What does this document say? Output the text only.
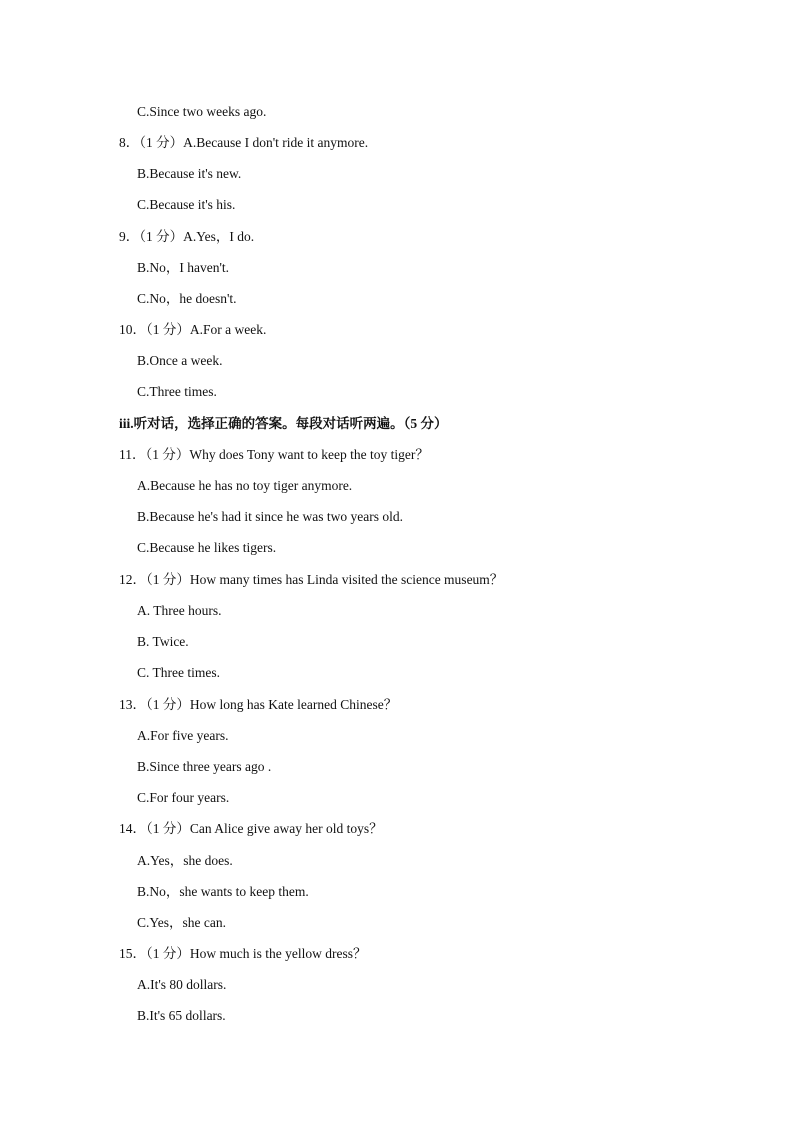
C.Since two weeks ago.
8．（1 分）A.Because I don't ride it anymore.
B.Because it's new.
C.Because it's his.
9．（1 分）A.Yes，I do.
B.No，I haven't.
C.No，he doesn't.
10．（1 分）A.For a week.
B.Once a week.
C.Three times.
iii.听对话，选择正确的答案。每段对话听两遍。（5 分）
11．（1 分）Why does Tony want to keep the toy tiger？
A.Because he has no toy tiger anymore.
B.Because he's had it since he was two years old.
C.Because he likes tigers.
12．（1 分）How many times has Linda visited the science museum？
A. Three hours.
B. Twice.
C. Three times.
13．（1 分）How long has Kate learned Chinese？
A.For five years.
B.Since three years ago .
C.For four years.
14．（1 分）Can Alice give away her old toys？
A.Yes，she does.
B.No，she wants to keep them.
C.Yes，she can.
15．（1 分）How much is the yellow dress？
A.It's 80 dollars.
B.It's 65 dollars.
